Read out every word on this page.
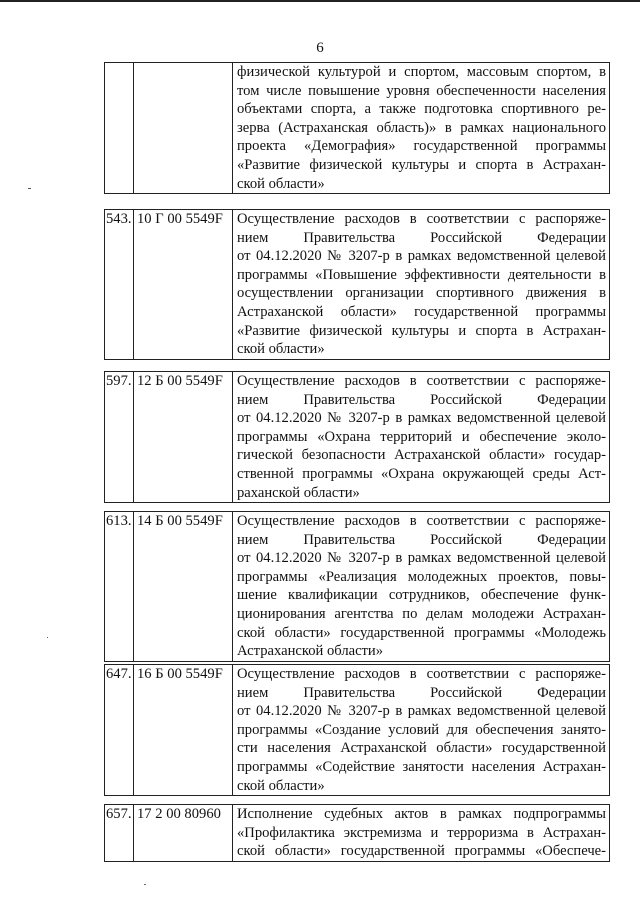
6

физической культурой и спортом, массовым спортом, в
том числе повышение уровня обеспеченности населения
объектами спорта, а также подготовка спортивного ре-
зерва (Астраханская область)» в рамках национального
проекта «Демография» государственной программы
«Развитие физической культуры и спорта в Астрахан-
ской области»
543.	10 Г 00 5549F	Осуществление расходов в соответствии с распоряже-
нием Правительства Российской Федерации
от 04.12.2020 № 3207-р в рамках ведомственной целевой
программы «Повышение эффективности деятельности в
осуществлении организации спортивного движения в
Астраханской области» государственной программы
«Развитие физической культуры и спорта в Астрахан-
ской области»
597.	12 Б 00 5549F	Осуществление расходов в соответствии с распоряже-
нием Правительства Российской Федерации
от 04.12.2020 № 3207-р в рамках ведомственной целевой
программы «Охрана территорий и обеспечение эколо-
гической безопасности Астраханской области» государ-
ственной программы «Охрана окружающей среды Аст-
раханской области»
613.	14 Б 00 5549F	Осуществление расходов в соответствии с распоряже-
нием Правительства Российской Федерации
от 04.12.2020 № 3207-р в рамках ведомственной целевой
программы «Реализация молодежных проектов, повы-
шение квалификации сотрудников, обеспечение функ-
ционирования агентства по делам молодежи Астрахан-
ской области» государственной программы «Молодежь
Астраханской области»
647.	16 Б 00 5549F	Осуществление расходов в соответствии с распоряже-
нием Правительства Российской Федерации
от 04.12.2020 № 3207-р в рамках ведомственной целевой
программы «Создание условий для обеспечения занято-
сти населения Астраханской области» государственной
программы «Содействие занятости населения Астрахан-
ской области»
657.	17 2 00 80960	Исполнение судебных актов в рамках подпрограммы
«Профилактика экстремизма и терроризма в Астрахан-
ской области» государственной программы «Обеспече-
